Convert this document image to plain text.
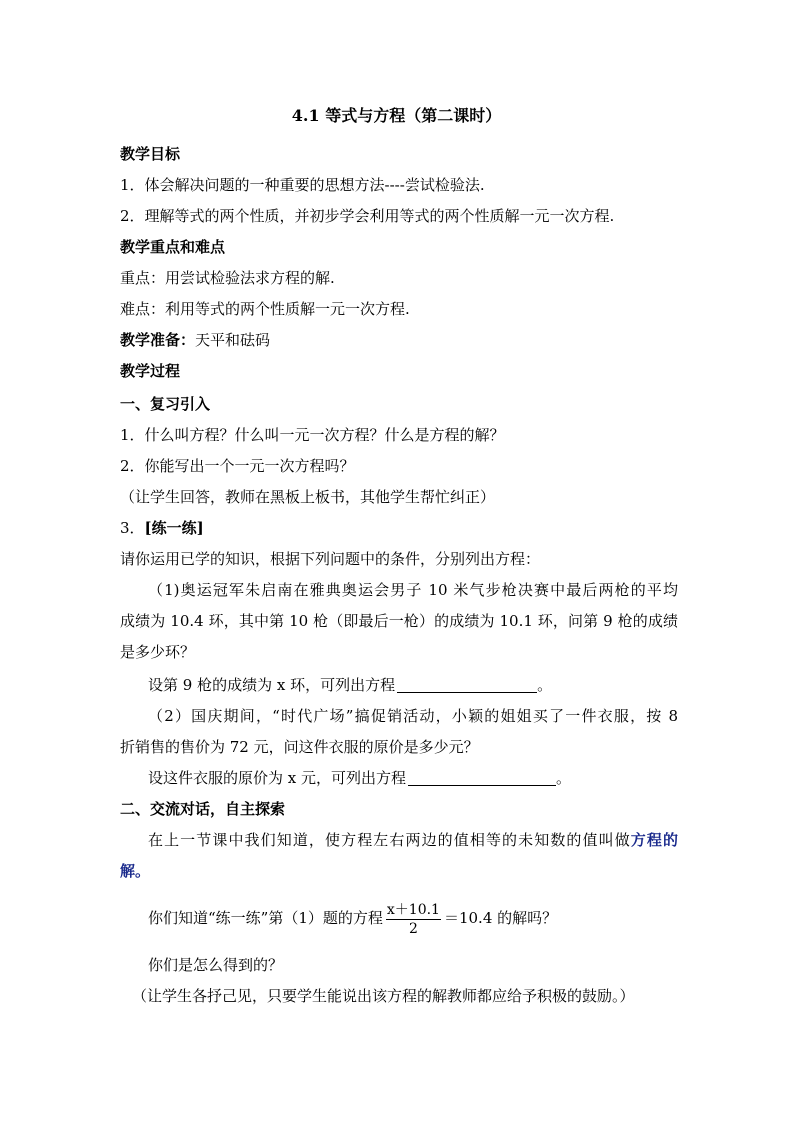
4.1 等式与方程（第二课时）
教学目标
1．体会解决问题的一种重要的思想方法----尝试检验法.
2．理解等式的两个性质，并初步学会利用等式的两个性质解一元一次方程.
教学重点和难点
重点：用尝试检验法求方程的解.
难点：利用等式的两个性质解一元一次方程.
教学准备：天平和砝码
教学过程
一、复习引入
1．什么叫方程？什么叫一元一次方程？什么是方程的解？
2．你能写出一个一元一次方程吗？
（让学生回答，教师在黑板上板书，其他学生帮忙纠正）
3．[练一练]
请你运用已学的知识，根据下列问题中的条件，分别列出方程：
（1)奥运冠军朱启南在雅典奥运会男子 10 米气步枪决赛中最后两枪的平均
成绩为 10.4 环，其中第 10 枪（即最后一枪）的成绩为 10.1 环，问第 9 枪的成绩
是多少环？
设第 9 枪的成绩为 x 环，可列出方程	。
（2）国庆期间，“时代广场”搞促销活动，小颖的姐姐买了一件衣服，按 8
折销售的售价为 72 元，问这件衣服的原价是多少元？
设这件衣服的原价为 x 元，可列出方程	。
二、交流对话，自主探索
在上一节课中我们知道，使方程左右两边的值相等的未知数的值叫做方程的
解。
你们知道“练一练”第（1）题的方程 $\frac{x+10.1}{2} =10.4$ 的解吗？
你们是怎么得到的？
（让学生各抒己见，只要学生能说出该方程的解教师都应给予积极的鼓励。）
